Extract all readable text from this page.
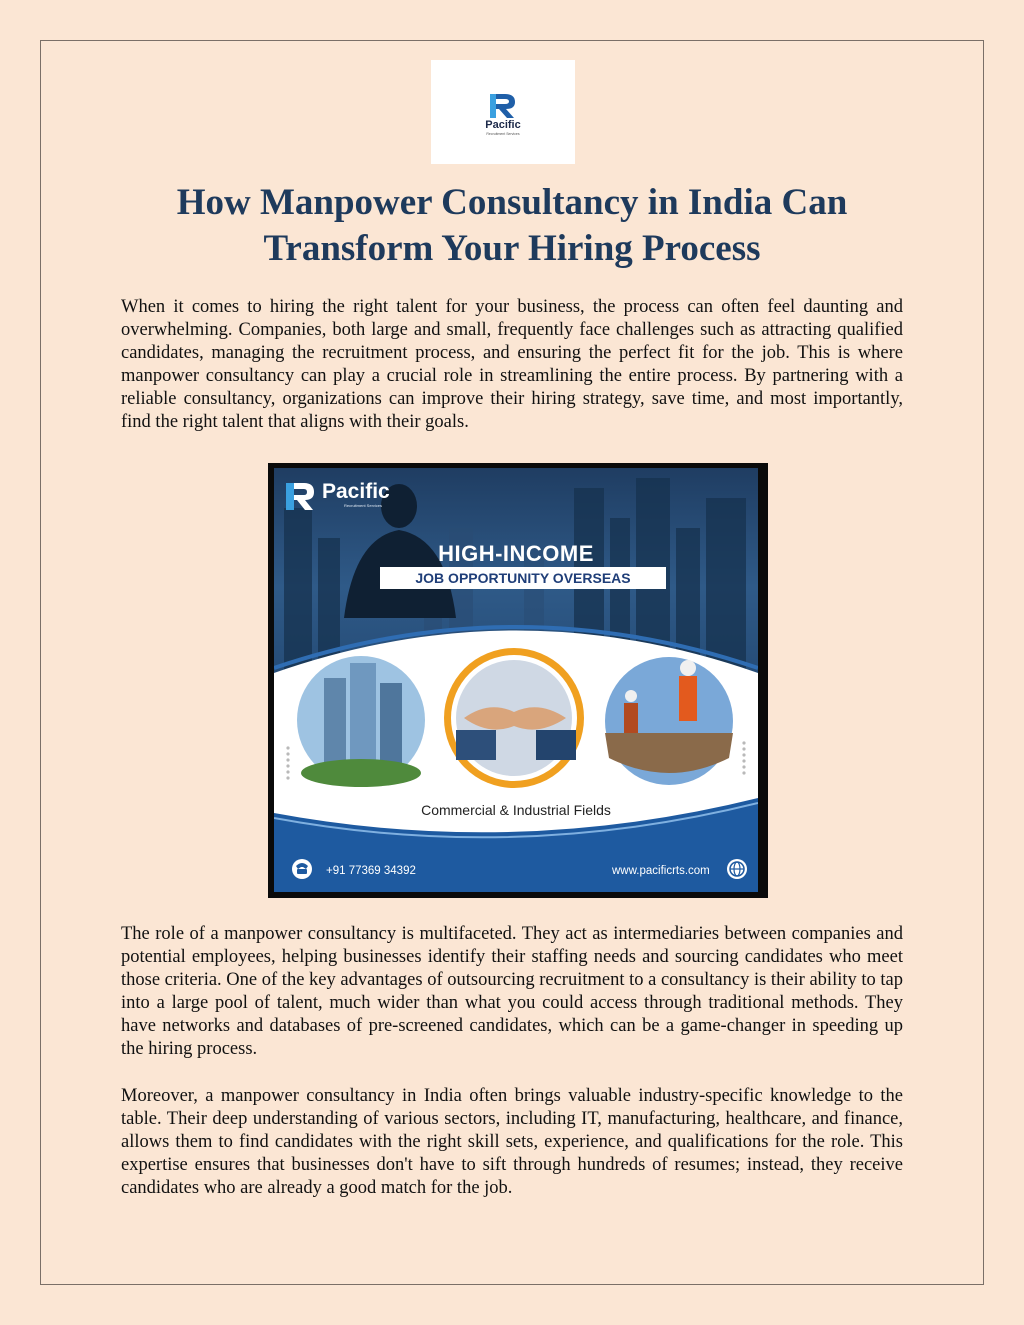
Pacific
Recruitment Services
How Manpower Consultancy in India Can Transform Your Hiring Process

When it comes to hiring the right talent for your business, the process can often feel daunting and overwhelming. Companies, both large and small, frequently face challenges such as attracting qualified candidates, managing the recruitment process, and ensuring the perfect fit for the job. This is where manpower consultancy can play a crucial role in streamlining the entire process. By partnering with a reliable consultancy, organizations can improve their hiring strategy, save time, and most importantly, find the right talent that aligns with their goals.

Pacific
Recruitment Services
HIGH-INCOME
JOB OPPORTUNITY OVERSEAS
Commercial & Industrial Fields
+91 77369 34392	www.pacificrts.com

The role of a manpower consultancy is multifaceted. They act as intermediaries between companies and potential employees, helping businesses identify their staffing needs and sourcing candidates who meet those criteria. One of the key advantages of outsourcing recruitment to a consultancy is their ability to tap into a large pool of talent, much wider than what you could access through traditional methods. They have networks and databases of pre-screened candidates, which can be a game-changer in speeding up the hiring process.

Moreover, a manpower consultancy in India often brings valuable industry-specific knowledge to the table. Their deep understanding of various sectors, including IT, manufacturing, healthcare, and finance, allows them to find candidates with the right skill sets, experience, and qualifications for the role. This expertise ensures that businesses don't have to sift through hundreds of resumes; instead, they receive candidates who are already a good match for the job.
